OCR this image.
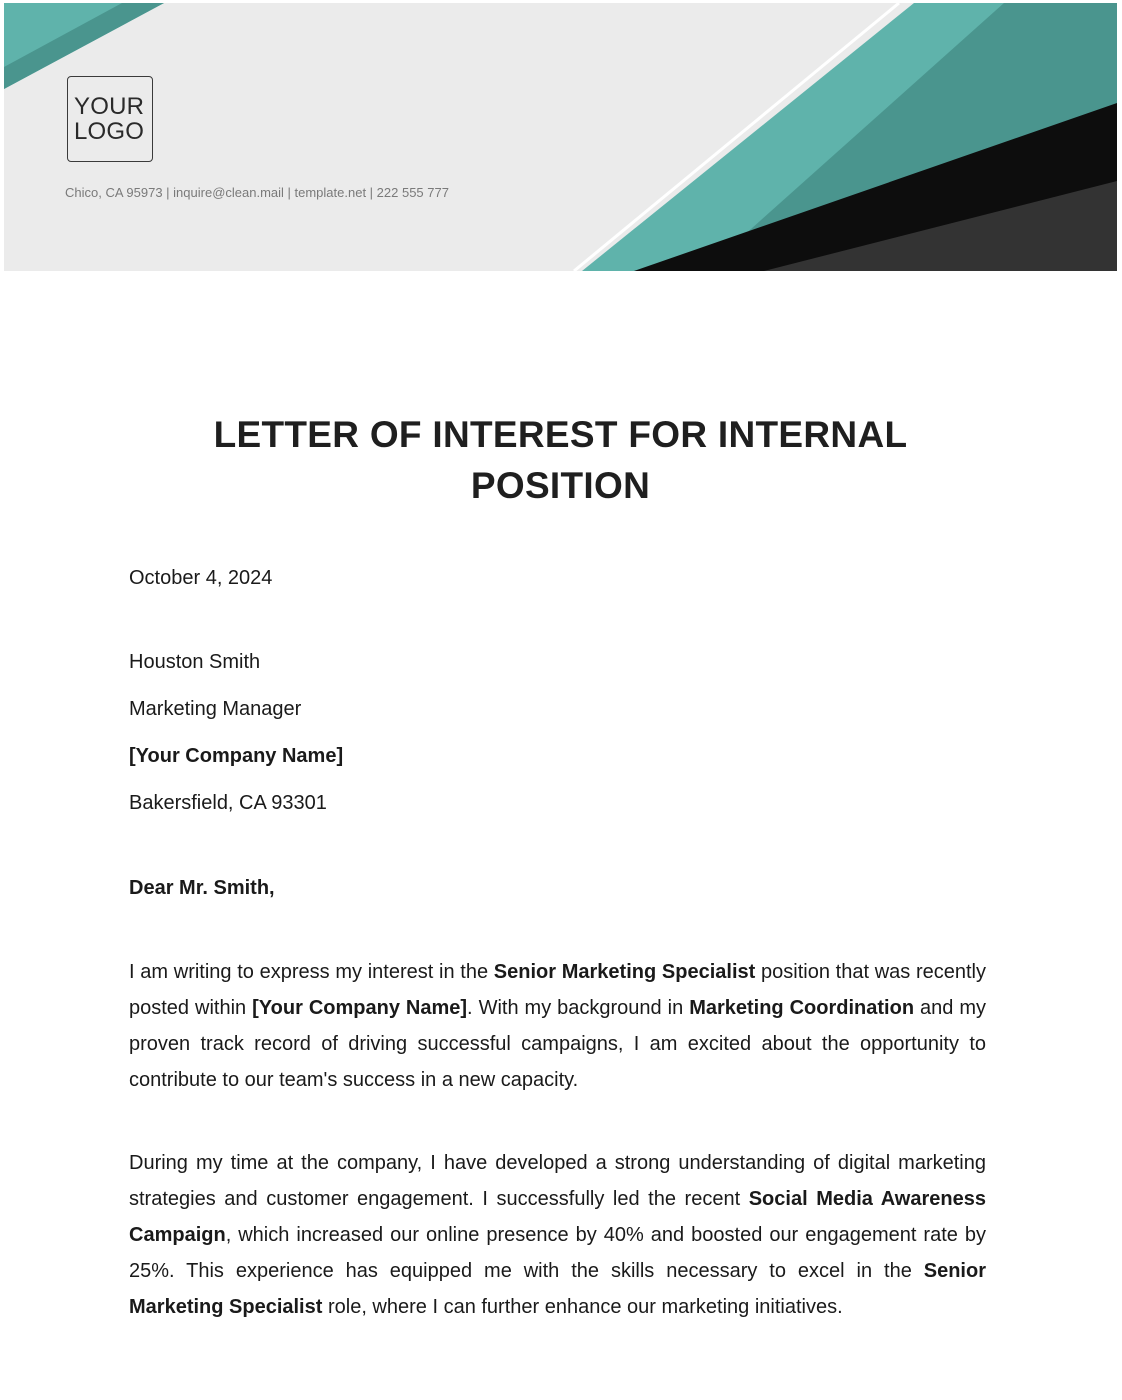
YOUR
LOGO
Chico, CA 95973 | inquire@clean.mail | template.net | 222 555 777
LETTER OF INTEREST FOR INTERNAL
POSITION
October 4, 2024
Houston Smith
Marketing Manager
[Your Company Name]
Bakersfield, CA 93301
Dear Mr. Smith,
I am writing to express my interest in the Senior Marketing Specialist position that was recently posted within [Your Company Name]. With my background in Marketing Coordination and my proven track record of driving successful campaigns, I am excited about the opportunity to contribute to our team's success in a new capacity.
During my time at the company, I have developed a strong understanding of digital marketing strategies and customer engagement. I successfully led the recent Social Media Awareness Campaign, which increased our online presence by 40% and boosted our engagement rate by 25%. This experience has equipped me with the skills necessary to excel in the Senior Marketing Specialist role, where I can further enhance our marketing initiatives.
